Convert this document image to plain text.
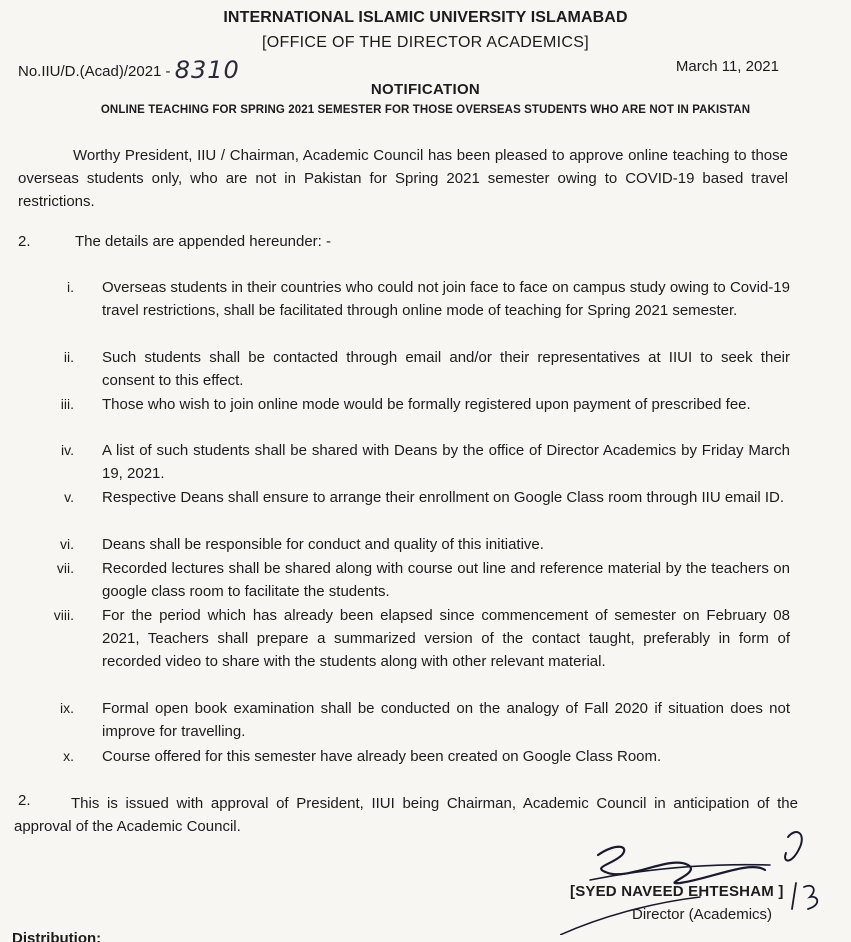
INTERNATIONAL ISLAMIC UNIVERSITY ISLAMABAD
[OFFICE OF THE DIRECTOR ACADEMICS]
No.IIU/D.(Acad)/2021 - 8310	March 11, 2021
NOTIFICATION
ONLINE TEACHING FOR SPRING 2021 SEMESTER FOR THOSE OVERSEAS STUDENTS WHO ARE NOT IN PAKISTAN
Worthy President, IIU / Chairman, Academic Council has been pleased to approve online teaching to those overseas students only, who are not in Pakistan for Spring 2021 semester owing to COVID-19 based travel restrictions.
2.	The details are appended hereunder: -
i. Overseas students in their countries who could not join face to face on campus study owing to Covid-19 travel restrictions, shall be facilitated through online mode of teaching for Spring 2021 semester.
ii. Such students shall be contacted through email and/or their representatives at IIUI to seek their consent to this effect.
iii. Those who wish to join online mode would be formally registered upon payment of prescribed fee.
iv. A list of such students shall be shared with Deans by the office of Director Academics by Friday March 19, 2021.
v. Respective Deans shall ensure to arrange their enrollment on Google Class room through IIU email ID.
vi. Deans shall be responsible for conduct and quality of this initiative.
vii. Recorded lectures shall be shared along with course out line and reference material by the teachers on google class room to facilitate the students.
viii. For the period which has already been elapsed since commencement of semester on February 08 2021, Teachers shall prepare a summarized version of the contact taught, preferably in form of recorded video to share with the students along with other relevant material.
ix. Formal open book examination shall be conducted on the analogy of Fall 2020 if situation does not improve for travelling.
x. Course offered for this semester have already been created on Google Class Room.
2.	This is issued with approval of President, IIUI being Chairman, Academic Council in anticipation of the approval of the Academic Council.
[SYED NAVEED EHTESHAM ]
Director (Academics)
Distribution:
